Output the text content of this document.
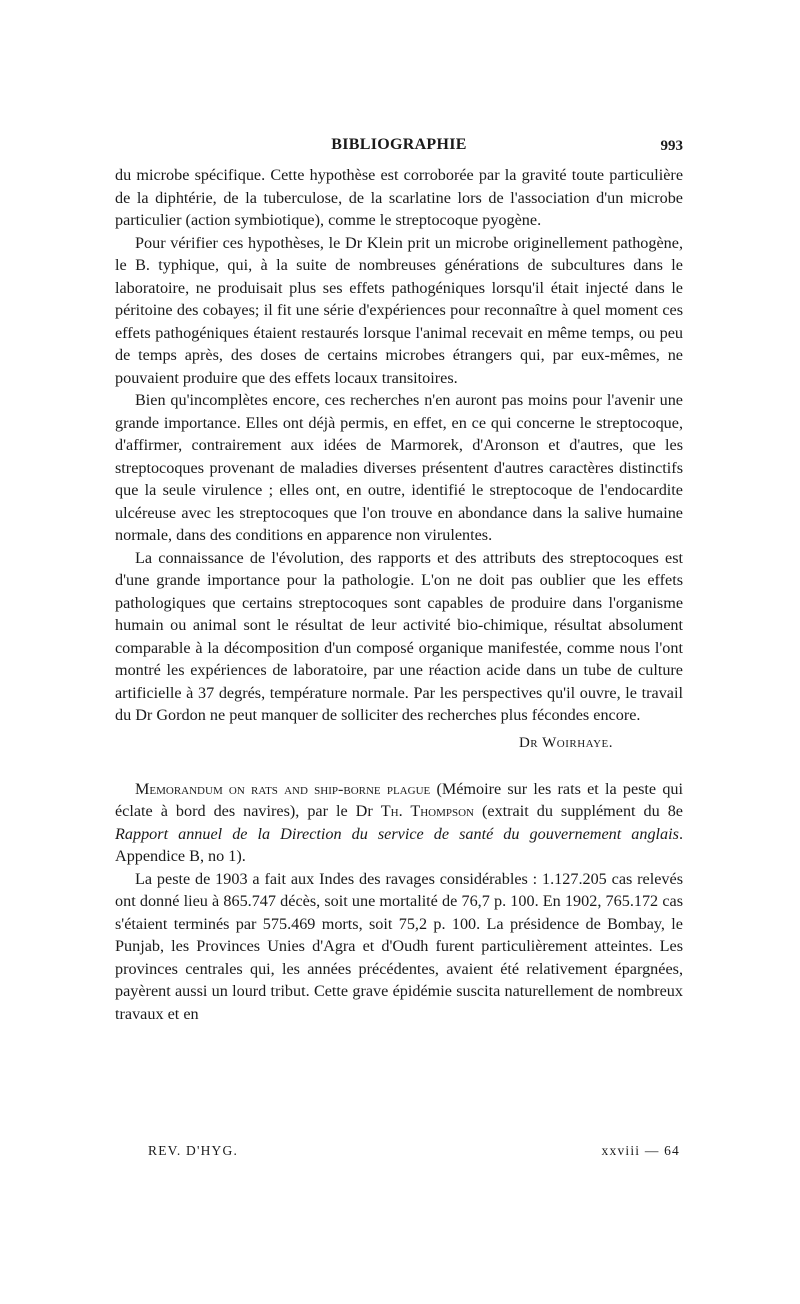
BIBLIOGRAPHIE	993

du microbe spécifique. Cette hypothèse est corroborée par la gravité toute particulière de la diphtérie, de la tuberculose, de la scarlatine lors de l'association d'un microbe particulier (action symbiotique), comme le streptocoque pyogène.

Pour vérifier ces hypothèses, le Dr Klein prit un microbe originellement pathogène, le B. typhique, qui, à la suite de nombreuses générations de subcultures dans le laboratoire, ne produisait plus ses effets pathogéniques lorsqu'il était injecté dans le péritoine des cobayes; il fit une série d'expériences pour reconnaître à quel moment ces effets pathogéniques étaient restaurés lorsque l'animal recevait en même temps, ou peu de temps après, des doses de certains microbes étrangers qui, par eux-mêmes, ne pouvaient produire que des effets locaux transitoires.

Bien qu'incomplètes encore, ces recherches n'en auront pas moins pour l'avenir une grande importance. Elles ont déjà permis, en effet, en ce qui concerne le streptocoque, d'affirmer, contrairement aux idées de Marmorek, d'Aronson et d'autres, que les streptocoques provenant de maladies diverses présentent d'autres caractères distinctifs que la seule virulence ; elles ont, en outre, identifié le streptocoque de l'endocardite ulcéreuse avec les streptocoques que l'on trouve en abondance dans la salive humaine normale, dans des conditions en apparence non virulentes.

La connaissance de l'évolution, des rapports et des attributs des streptocoques est d'une grande importance pour la pathologie. L'on ne doit pas oublier que les effets pathologiques que certains streptocoques sont capables de produire dans l'organisme humain ou animal sont le résultat de leur activité bio-chimique, résultat absolument comparable à la décomposition d'un composé organique manifestée, comme nous l'ont montré les expériences de laboratoire, par une réaction acide dans un tube de culture artificielle à 37 degrés, température normale. Par les perspectives qu'il ouvre, le travail du Dr Gordon ne peut manquer de solliciter des recherches plus fécondes encore.

Dr Woirhaye.

Memorandum on rats and ship-borne plague (Mémoire sur les rats et la peste qui éclate à bord des navires), par le Dr Th. Thompson (extrait du supplément du 8e Rapport annuel de la Direction du service de santé du gouvernement anglais. Appendice B, no 1).

La peste de 1903 a fait aux Indes des ravages considérables : 1.127.205 cas relevés ont donné lieu à 865.747 décès, soit une mortalité de 76,7 p. 100. En 1902, 765.172 cas s'étaient terminés par 575.469 morts, soit 75,2 p. 100. La présidence de Bombay, le Punjab, les Provinces Unies d'Agra et d'Oudh furent particulièrement atteintes. Les provinces centrales qui, les années précédentes, avaient été relativement épargnées, payèrent aussi un lourd tribut. Cette grave épidémie suscita naturellement de nombreux travaux et en

REV. D'HYG.	xxviii — 64
